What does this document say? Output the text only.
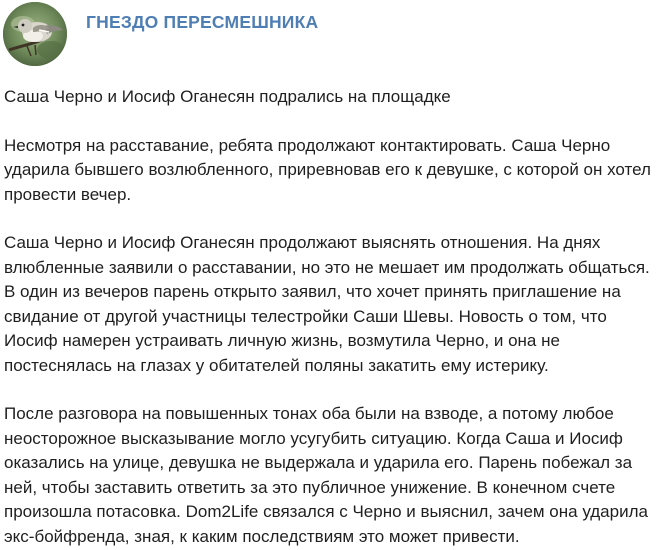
ГНЕЗДО ПЕРЕСМЕШНИКА

Саша Черно и Иосиф Оганесян подрались на площадке

Несмотря на расставание, ребята продолжают контактировать. Саша Черно ударила бывшего возлюбленного, приревновав его к девушке, с которой он хотел провести вечер.

Саша Черно и Иосиф Оганесян продолжают выяснять отношения. На днях влюбленные заявили о расставании, но это не мешает им продолжать общаться. В один из вечеров парень открыто заявил, что хочет принять приглашение на свидание от другой участницы телестройки Саши Шевы. Новость о том, что Иосиф намерен устраивать личную жизнь, возмутила Черно, и она не постеснялась на глазах у обитателей поляны закатить ему истерику.

После разговора на повышенных тонах оба были на взводе, а потому любое неосторожное высказывание могло усугубить ситуацию. Когда Саша и Иосиф оказались на улице, девушка не выдержала и ударила его. Парень побежал за ней, чтобы заставить ответить за это публичное унижение. В конечном счете произошла потасовка. Dom2Life связался с Черно и выяснил, зачем она ударила экс-бойфренда, зная, к каким последствиям это может привести.
